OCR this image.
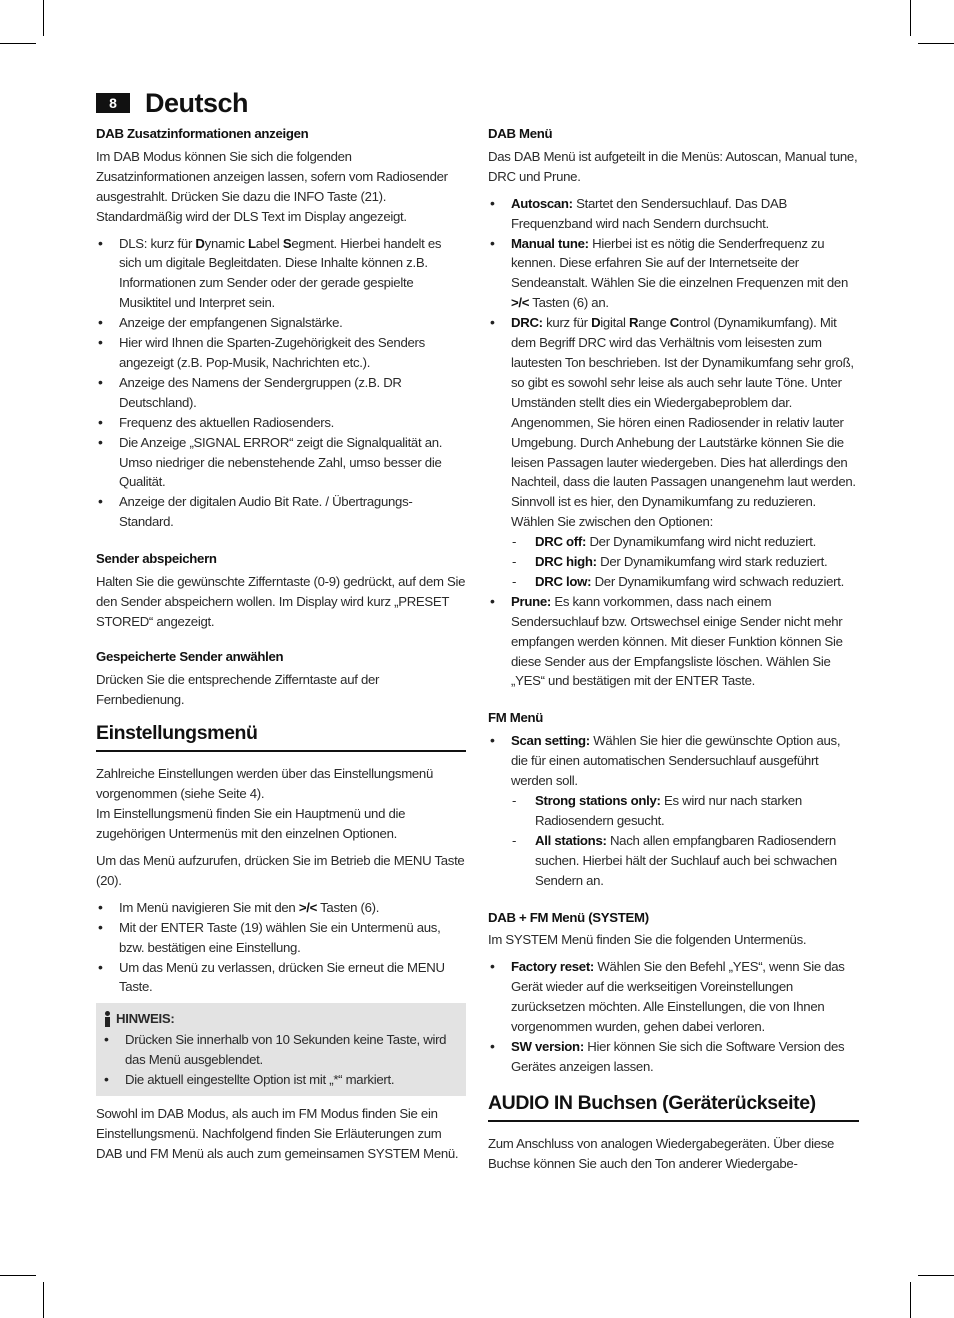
8	Deutsch
DAB Zusatzinformationen anzeigen
Im DAB Modus können Sie sich die folgenden Zusatzinformationen anzeigen lassen, sofern vom Radiosender ausgestrahlt. Drücken Sie dazu die INFO Taste (21).
Standardmäßig wird der DLS Text im Display angezeigt.
• DLS: kurz für Dynamic Label Segment. Hierbei handelt es sich um digitale Begleitdaten. Diese Inhalte können z.B. Informationen zum Sender oder der gerade gespielte Musiktitel und Interpret sein.
• Anzeige der empfangenen Signalstärke.
• Hier wird Ihnen die Sparten-Zugehörigkeit des Senders angezeigt (z.B. Pop-Musik, Nachrichten etc.).
• Anzeige des Namens der Sendergruppen (z.B. DR Deutschland).
• Frequenz des aktuellen Radiosenders.
• Die Anzeige „SIGNAL ERROR“ zeigt die Signalqualität an. Umso niedriger die nebenstehende Zahl, umso besser die Qualität.
• Anzeige der digitalen Audio Bit Rate. / Übertragungs-Standard.
Sender abspeichern
Halten Sie die gewünschte Zifferntaste (0-9) gedrückt, auf dem Sie den Sender abspeichern wollen. Im Display wird kurz „PRESET STORED“ angezeigt.
Gespeicherte Sender anwählen
Drücken Sie die entsprechende Zifferntaste auf der Fernbedienung.
Einstellungsmenü
Zahlreiche Einstellungen werden über das Einstellungsmenü vorgenommen (siehe Seite 4).
Im Einstellungsmenü finden Sie ein Hauptmenü und die zugehörigen Untermenüs mit den einzelnen Optionen.
Um das Menü aufzurufen, drücken Sie im Betrieb die MENU Taste (20).
• Im Menü navigieren Sie mit den >/< Tasten (6).
• Mit der ENTER Taste (19) wählen Sie ein Untermenü aus, bzw. bestätigen eine Einstellung.
• Um das Menü zu verlassen, drücken Sie erneut die MENU Taste.
HINWEIS:
• Drücken Sie innerhalb von 10 Sekunden keine Taste, wird das Menü ausgeblendet.
• Die aktuell eingestellte Option ist mit „*“ markiert.
Sowohl im DAB Modus, als auch im FM Modus finden Sie ein Einstellungsmenü. Nachfolgend finden Sie Erläuterungen zum DAB und FM Menü als auch zum gemeinsamen SYSTEM Menü.
DAB Menü
Das DAB Menü ist aufgeteilt in die Menüs: Autoscan, Manual tune, DRC und Prune.
• Autoscan: Startet den Sendersuchlauf. Das DAB Frequenzband wird nach Sendern durchsucht.
• Manual tune: Hierbei ist es nötig die Senderfrequenz zu kennen. Diese erfahren Sie auf der Internetseite der Sendeanstalt. Wählen Sie die einzelnen Frequenzen mit den >/< Tasten (6) an.
• DRC: kurz für Digital Range Control (Dynamikumfang). Mit dem Begriff DRC wird das Verhältnis vom leisesten zum lautesten Ton beschrieben. Ist der Dynamikumfang sehr groß, so gibt es sowohl sehr leise als auch sehr laute Töne. Unter Umständen stellt dies ein Wiedergabeproblem dar. Angenommen, Sie hören einen Radiosender in relativ lauter Umgebung. Durch Anhebung der Lautstärke können Sie die leisen Passagen lauter wiedergeben. Dies hat allerdings den Nachteil, dass die lauten Passagen unangenehm laut werden. Sinnvoll ist es hier, den Dynamikumfang zu reduzieren. Wählen Sie zwischen den Optionen:
- DRC off: Der Dynamikumfang wird nicht reduziert.
- DRC high: Der Dynamikumfang wird stark reduziert.
- DRC low: Der Dynamikumfang wird schwach reduziert.
• Prune: Es kann vorkommen, dass nach einem Sendersuchlauf bzw. Ortswechsel einige Sender nicht mehr empfangen werden können. Mit dieser Funktion können Sie diese Sender aus der Empfangsliste löschen. Wählen Sie „YES“ und bestätigen mit der ENTER Taste.
FM Menü
• Scan setting: Wählen Sie hier die gewünschte Option aus, die für einen automatischen Sendersuchlauf ausgeführt werden soll.
- Strong stations only: Es wird nur nach starken Radiosendern gesucht.
- All stations: Nach allen empfangbaren Radiosendern suchen. Hierbei hält der Suchlauf auch bei schwachen Sendern an.
DAB + FM Menü (SYSTEM)
Im SYSTEM Menü finden Sie die folgenden Untermenüs.
• Factory reset: Wählen Sie den Befehl „YES“, wenn Sie das Gerät wieder auf die werkseitigen Voreinstellungen zurücksetzen möchten. Alle Einstellungen, die von Ihnen vorgenommen wurden, gehen dabei verloren.
• SW version: Hier können Sie sich die Software Version des Gerätes anzeigen lassen.
AUDIO IN Buchsen (Geräterückseite)
Zum Anschluss von analogen Wiedergabegeräten. Über diese Buchse können Sie auch den Ton anderer Wiedergabe-
